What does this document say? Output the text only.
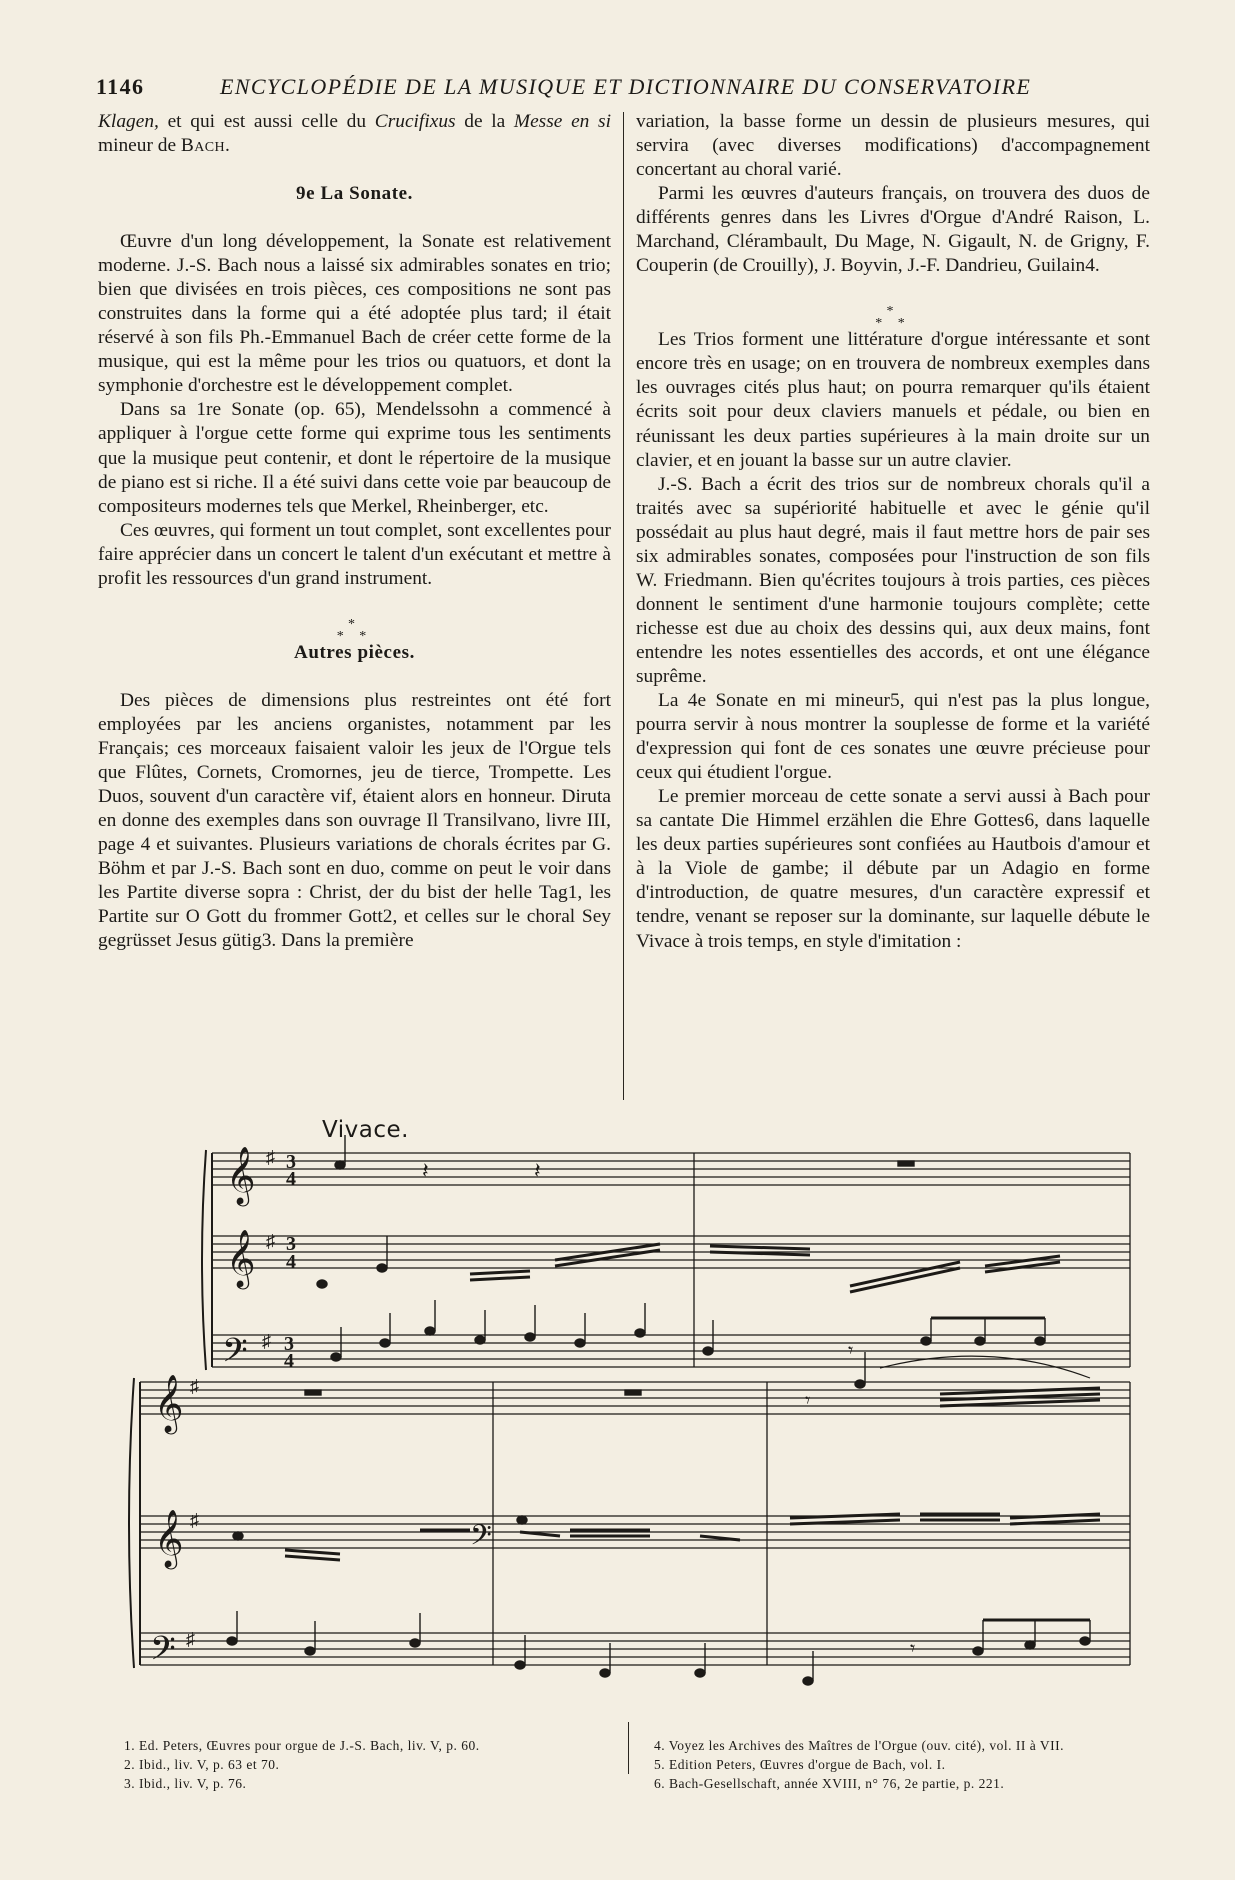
1146	ENCYCLOPÉDIE DE LA MUSIQUE ET DICTIONNAIRE DU CONSERVATOIRE

Klagen, et qui est aussi celle du Crucifixus de la Messe en si mineur de Bach.

9e La Sonate.

Œuvre d'un long développement, la Sonate est relativement moderne. J.-S. Bach nous a laissé six admirables sonates en trio; bien que divisées en trois pièces, ces compositions ne sont pas construites dans la forme qui a été adoptée plus tard; il était réservé à son fils Ph.-Emmanuel Bach de créer cette forme de la musique, qui est la même pour les trios ou quatuors, et dont la symphonie d'orchestre est le développement complet.

Dans sa 1re Sonate (op. 65), Mendelssohn a commencé à appliquer à l'orgue cette forme qui exprime tous les sentiments que la musique peut contenir, et dont le répertoire de la musique de piano est si riche. Il a été suivi dans cette voie par beaucoup de compositeurs modernes tels que Merkel, Rheinberger, etc.

Ces œuvres, qui forment un tout complet, sont excellentes pour faire apprécier dans un concert le talent d'un exécutant et mettre à profit les ressources d'un grand instrument.

*
* *
Autres pièces.

Des pièces de dimensions plus restreintes ont été fort employées par les anciens organistes, notamment par les Français; ces morceaux faisaient valoir les jeux de l'Orgue tels que Flûtes, Cornets, Cromornes, jeu de tierce, Trompette. Les Duos, souvent d'un caractère vif, étaient alors en honneur. Diruta en donne des exemples dans son ouvrage Il Transilvano, livre III, page 4 et suivantes. Plusieurs variations de chorals écrites par G. Böhm et par J.-S. Bach sont en duo, comme on peut le voir dans les Partite diverse sopra : Christ, der du bist der helle Tag1, les Partite sur O Gott du frommer Gott2, et celles sur le choral Sey gegrüsset Jesus gütig3. Dans la première

variation, la basse forme un dessin de plusieurs mesures, qui servira (avec diverses modifications) d'accompagnement concertant au choral varié.

Parmi les œuvres d'auteurs français, on trouvera des duos de différents genres dans les Livres d'Orgue d'André Raison, L. Marchand, Clérambault, Du Mage, N. Gigault, N. de Grigny, F. Couperin (de Crouilly), J. Boyvin, J.-F. Dandrieu, Guilain4.

*
* *

Les Trios forment une littérature d'orgue intéressante et sont encore très en usage; on en trouvera de nombreux exemples dans les ouvrages cités plus haut; on pourra remarquer qu'ils étaient écrits soit pour deux claviers manuels et pédale, ou bien en réunissant les deux parties supérieures à la main droite sur un clavier, et en jouant la basse sur un autre clavier.

J.-S. Bach a écrit des trios sur de nombreux chorals qu'il a traités avec sa supériorité habituelle et avec le génie qu'il possédait au plus haut degré, mais il faut mettre hors de pair ses six admirables sonates, composées pour l'instruction de son fils W. Friedmann. Bien qu'écrites toujours à trois parties, ces pièces donnent le sentiment d'une harmonie toujours complète; cette richesse est due au choix des dessins qui, aux deux mains, font entendre les notes essentielles des accords, et ont une élégance suprême.

La 4e Sonate en mi mineur5, qui n'est pas la plus longue, pourra servir à nous montrer la souplesse de forme et la variété d'expression qui font de ces sonates une œuvre précieuse pour ceux qui étudient l'orgue.

Le premier morceau de cette sonate a servi aussi à Bach pour sa cantate Die Himmel erzählen die Ehre Gottes6, dans laquelle les deux parties supérieures sont confiées au Hautbois d'amour et à la Viole de gambe; il débute par un Adagio en forme d'introduction, de quatre mesures, d'un caractère expressif et tendre, venant se reposer sur la dominante, sur laquelle débute le Vivace à trois temps, en style d'imitation :

Vivace.
𝄞
𝄞
𝄢
♯
♯
♯
3
4
3
4
3
4
𝄽	𝄽
𝄾
𝄞
𝄞
𝄢
♯
♯
♯
𝄾
𝄢
𝄾
1. Ed. Peters, Œuvres pour orgue de J.-S. Bach, liv. V, p. 60.
2. Ibid., liv. V, p. 63 et 70.
3. Ibid., liv. V, p. 76.
4. Voyez les Archives des Maîtres de l'Orgue (ouv. cité), vol. II à VII.
5. Edition Peters, Œuvres d'orgue de Bach, vol. I.
6. Bach-Gesellschaft, année XVIII, n° 76, 2e partie, p. 221.
